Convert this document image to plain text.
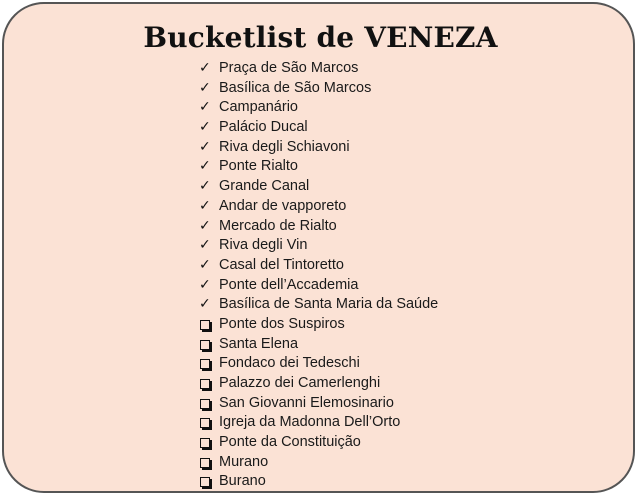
Bucketlist de VENEZA
✓Praça de São Marcos
✓Basílica de São Marcos
✓Campanário
✓Palácio Ducal
✓Riva degli Schiavoni
✓Ponte Rialto
✓Grande Canal
✓Andar de vapporeto
✓Mercado de Rialto
✓Riva degli Vin
✓Casal del Tintoretto
✓Ponte dell’Accademia
✓Basílica de Santa Maria da Saúde
Ponte dos Suspiros
Santa Elena
Fondaco dei Tedeschi
Palazzo dei Camerlenghi
San Giovanni Elemosinario
Igreja da Madonna Dell’Orto
Ponte da Constituição
Murano
Burano
